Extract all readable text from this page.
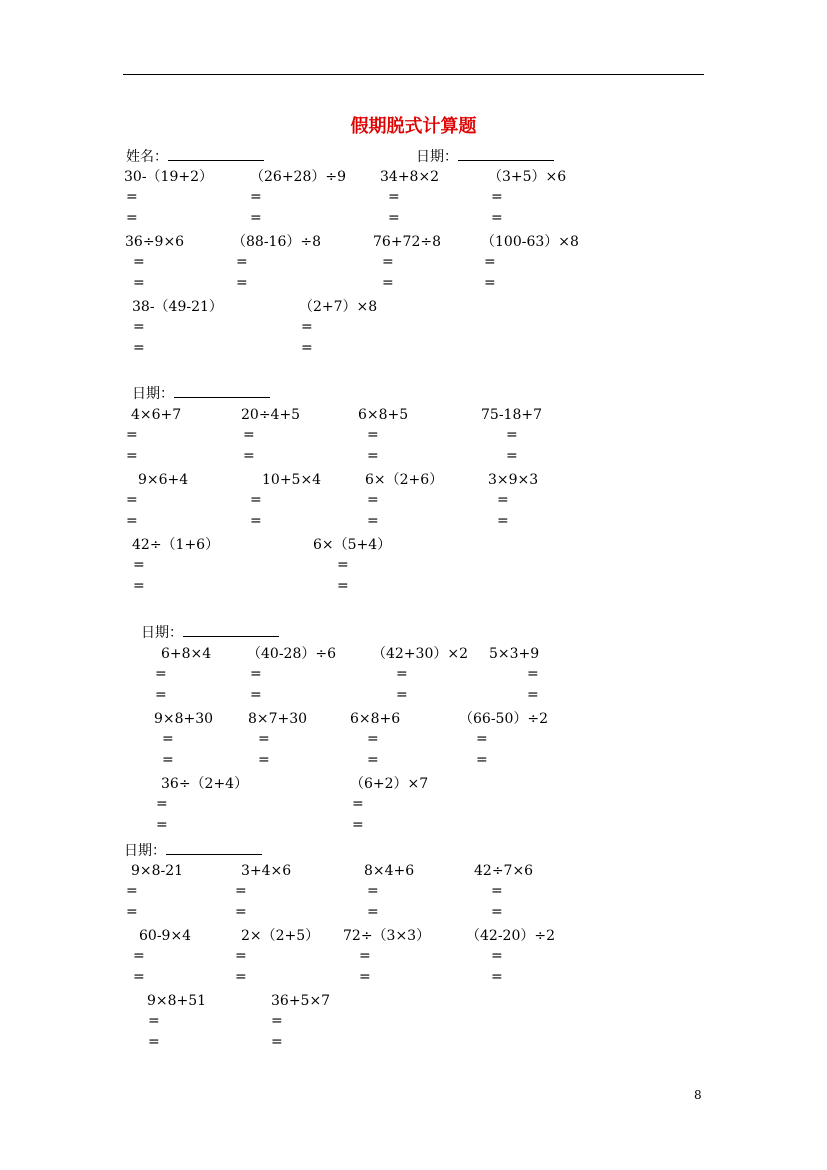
假期脱式计算题
姓名：	日期：
30-（19+2）
=
=
（26+28）÷9
=
=
34+8×2
=
=
（3+5）×6
=
=
36÷9×6
=
=
（88-16）÷8
=
=
76+72÷8
=
=
（100-63）×8
=
=
38-（49-21）
=
=
（2+7）×8
=
=
日期：
4×6+7
=
=
20÷4+5
=
=
6×8+5
=
=
75-18+7
=
=
9×6+4
=
=
10+5×4
=
=
6×（2+6）
=
=
3×9×3
=
=
42÷（1+6）
=
=
6×（5+4）
=
=
日期：
6+8×4
=
=
（40-28）÷6
=
=
（42+30）×2
=
=
5×3+9
=
=
9×8+30
=
=
8×7+30
=
=
6×8+6
=
=
（66-50）÷2
=
=
36÷（2+4）
=
=
（6+2）×7
=
=
日期：
9×8-21
=
=
3+4×6
=
=
8×4+6
=
=
42÷7×6
=
=
60-9×4
=
=
2×（2+5）
=
=
72÷（3×3）
=
=
（42-20）÷2
=
=
9×8+51
=
=
36+5×7
=
=
8
